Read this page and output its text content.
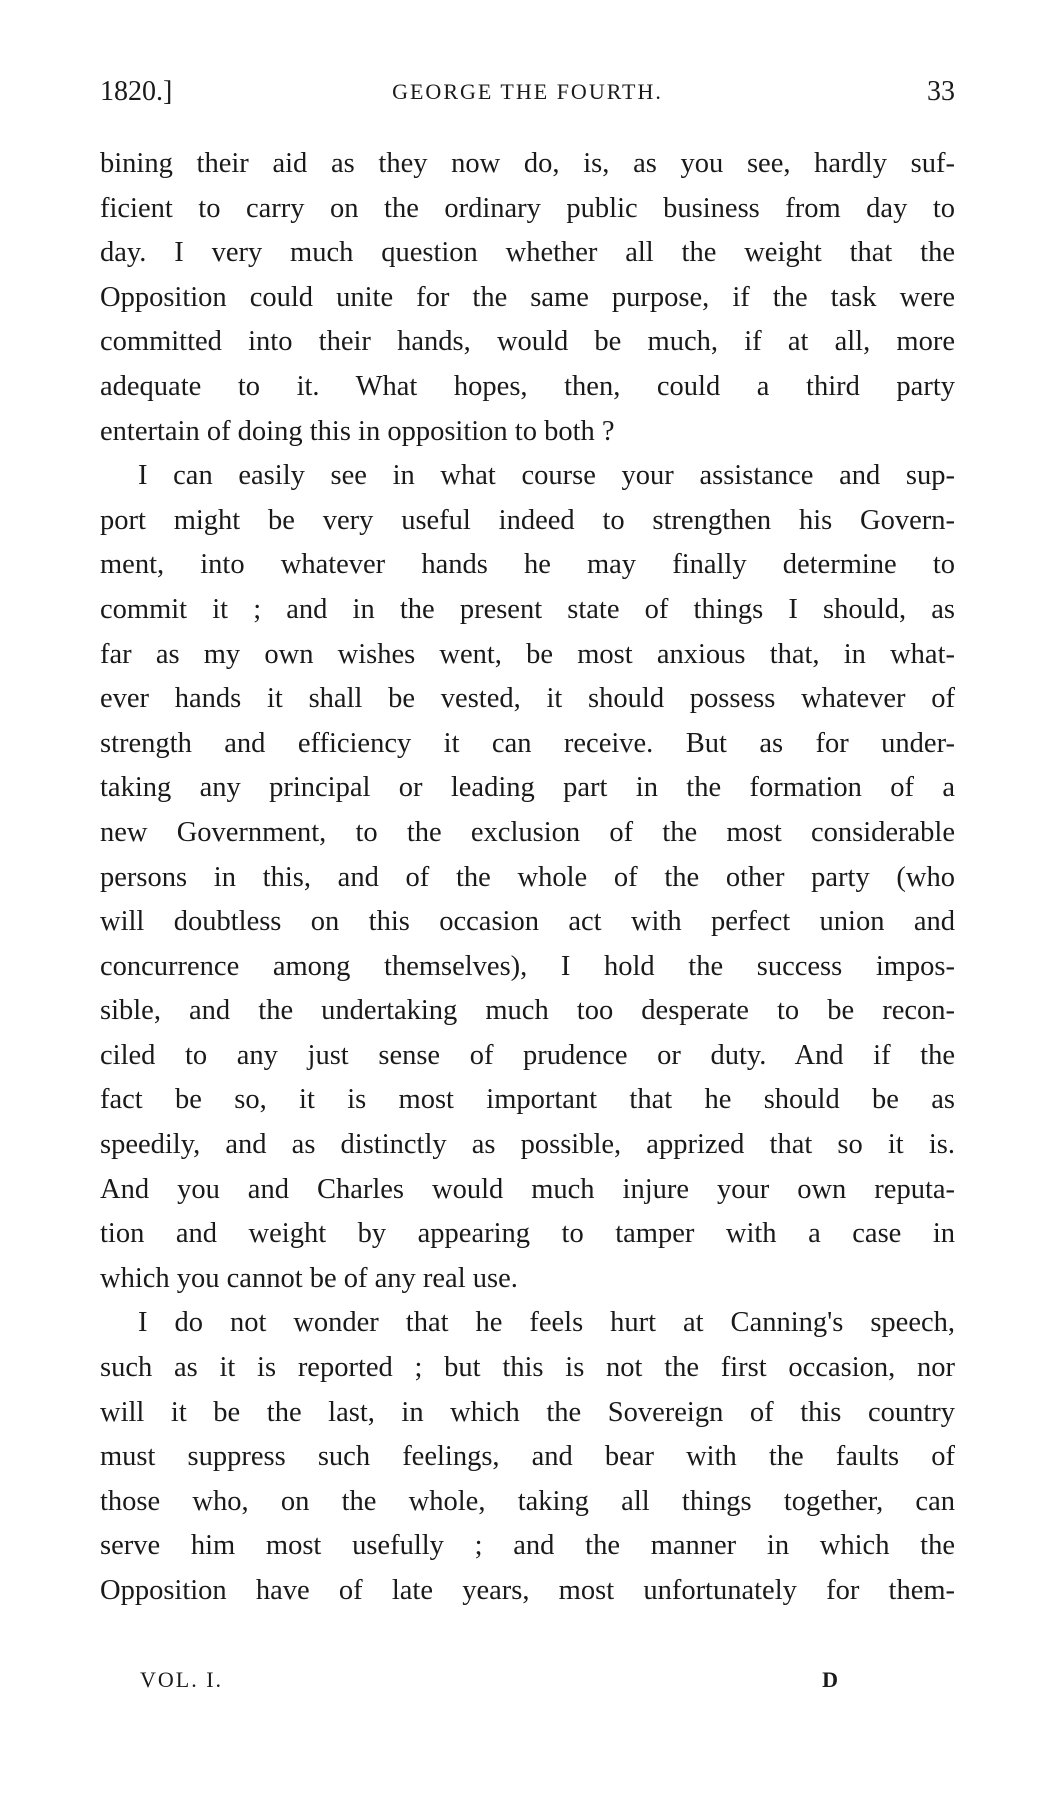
1820.]	GEORGE THE FOURTH.	33
bining their aid as they now do, is, as you see, hardly suf-
ficient to carry on the ordinary public business from day to
day. I very much question whether all the weight that the
Opposition could unite for the same purpose, if the task were
committed into their hands, would be much, if at all, more
adequate to it. What hopes, then, could a third party
entertain of doing this in opposition to both ?
I can easily see in what course your assistance and sup-
port might be very useful indeed to strengthen his Govern-
ment, into whatever hands he may finally determine to
commit it ; and in the present state of things I should, as
far as my own wishes went, be most anxious that, in what-
ever hands it shall be vested, it should possess whatever of
strength and efficiency it can receive. But as for under-
taking any principal or leading part in the formation of a
new Government, to the exclusion of the most considerable
persons in this, and of the whole of the other party (who
will doubtless on this occasion act with perfect union and
concurrence among themselves), I hold the success impos-
sible, and the undertaking much too desperate to be recon-
ciled to any just sense of prudence or duty. And if the
fact be so, it is most important that he should be as
speedily, and as distinctly as possible, apprized that so it is.
And you and Charles would much injure your own reputa-
tion and weight by appearing to tamper with a case in
which you cannot be of any real use.
I do not wonder that he feels hurt at Canning's speech,
such as it is reported ; but this is not the first occasion, nor
will it be the last, in which the Sovereign of this country
must suppress such feelings, and bear with the faults of
those who, on the whole, taking all things together, can
serve him most usefully ; and the manner in which the
Opposition have of late years, most unfortunately for them-
VOL. I.	D
